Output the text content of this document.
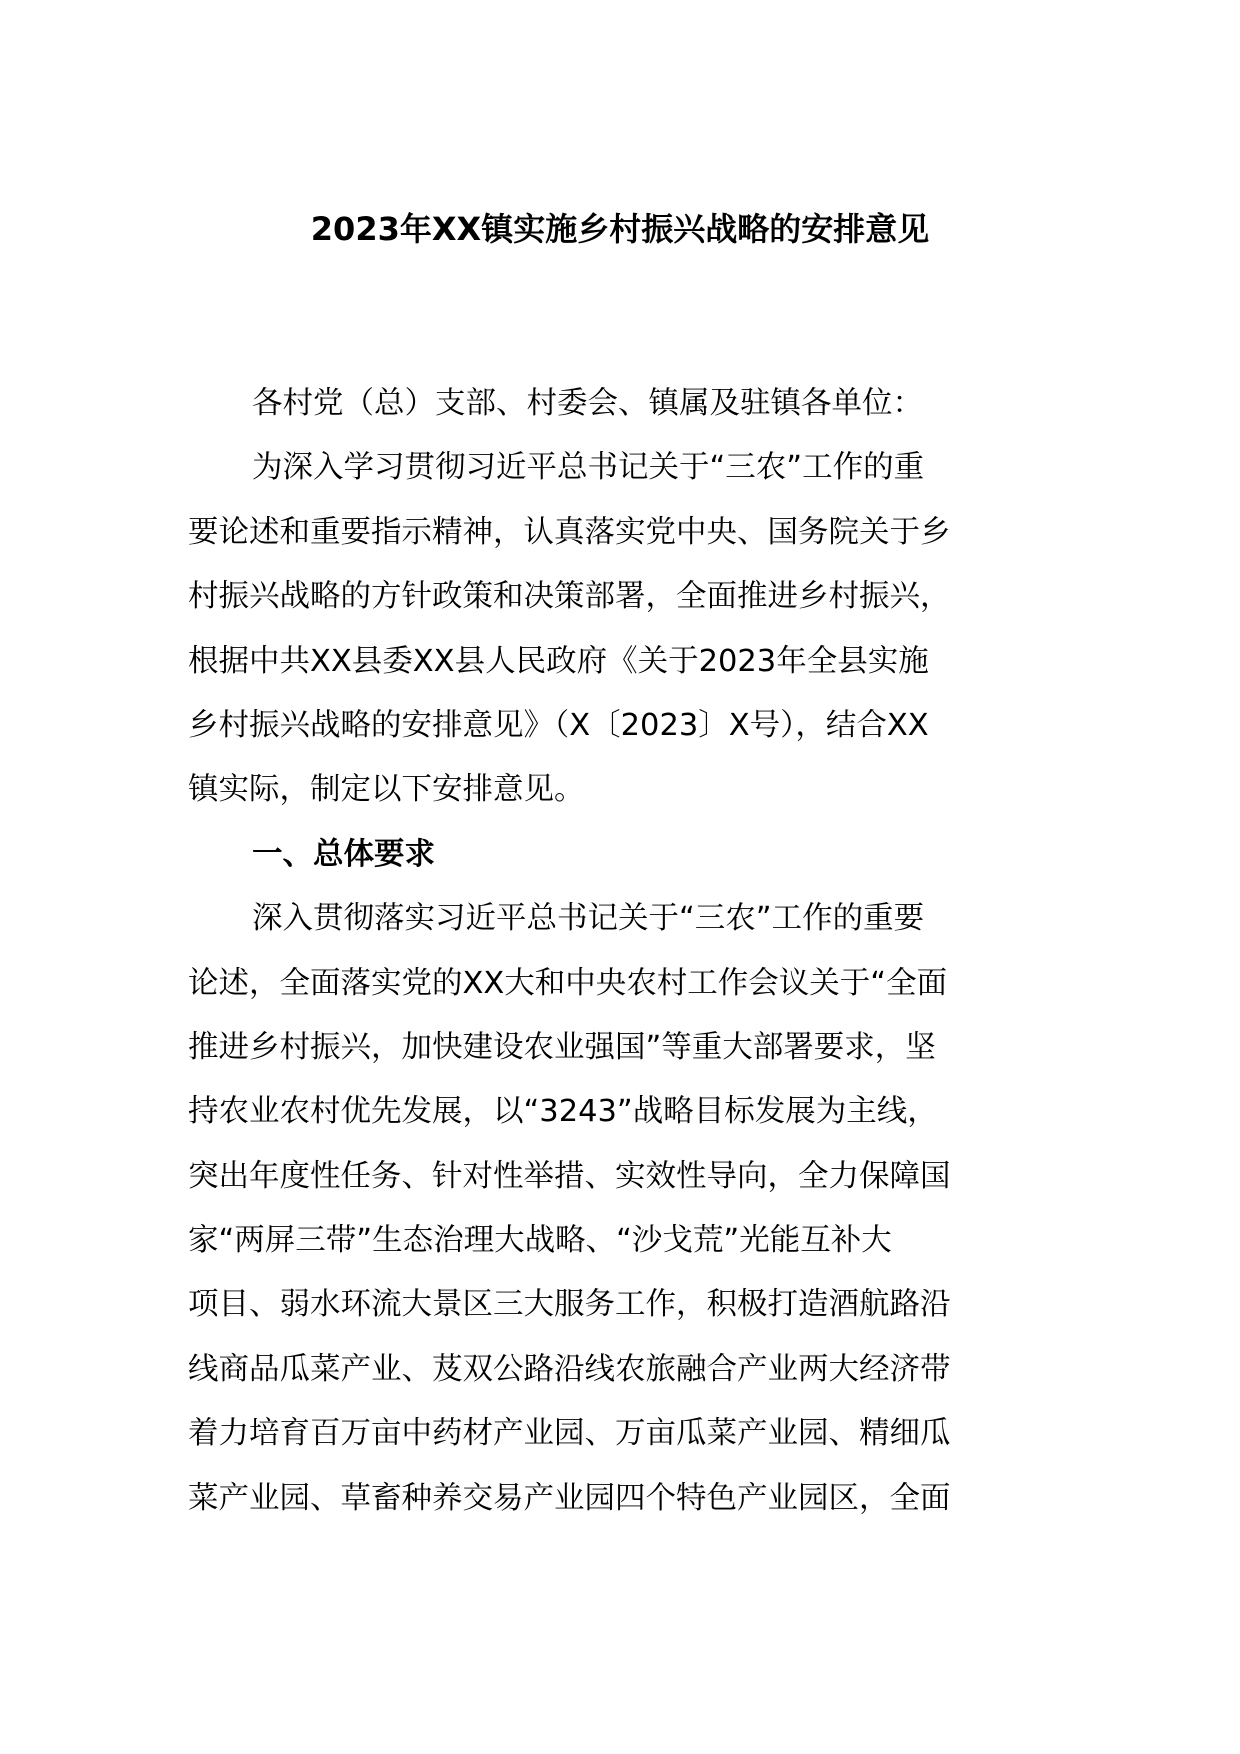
2023年XX镇实施乡村振兴战略的安排意见
各村党（总）支部、村委会、镇属及驻镇各单位：
为深入学习贯彻习近平总书记关于“三农”工作的重
要论述和重要指示精神，认真落实党中央、国务院关于乡
村振兴战略的方针政策和决策部署，全面推进乡村振兴，
根据中共XX县委XX县人民政府《关于2023年全县实施
乡村振兴战略的安排意见》（X〔2023〕X号），结合XX
镇实际，制定以下安排意见。
一、总体要求
深入贯彻落实习近平总书记关于“三农”工作的重要
论述，全面落实党的XX大和中央农村工作会议关于“全面
推进乡村振兴，加快建设农业强国”等重大部署要求，坚
持农业农村优先发展，以“3243”战略目标发展为主线，
突出年度性任务、针对性举措、实效性导向，全力保障国
家“两屏三带”生态治理大战略、“沙戈荒”光能互补大
项目、弱水环流大景区三大服务工作，积极打造酒航路沿
线商品瓜菜产业、芨双公路沿线农旅融合产业两大经济带
着力培育百万亩中药材产业园、万亩瓜菜产业园、精细瓜
菜产业园、草畜种养交易产业园四个特色产业园区，全面
